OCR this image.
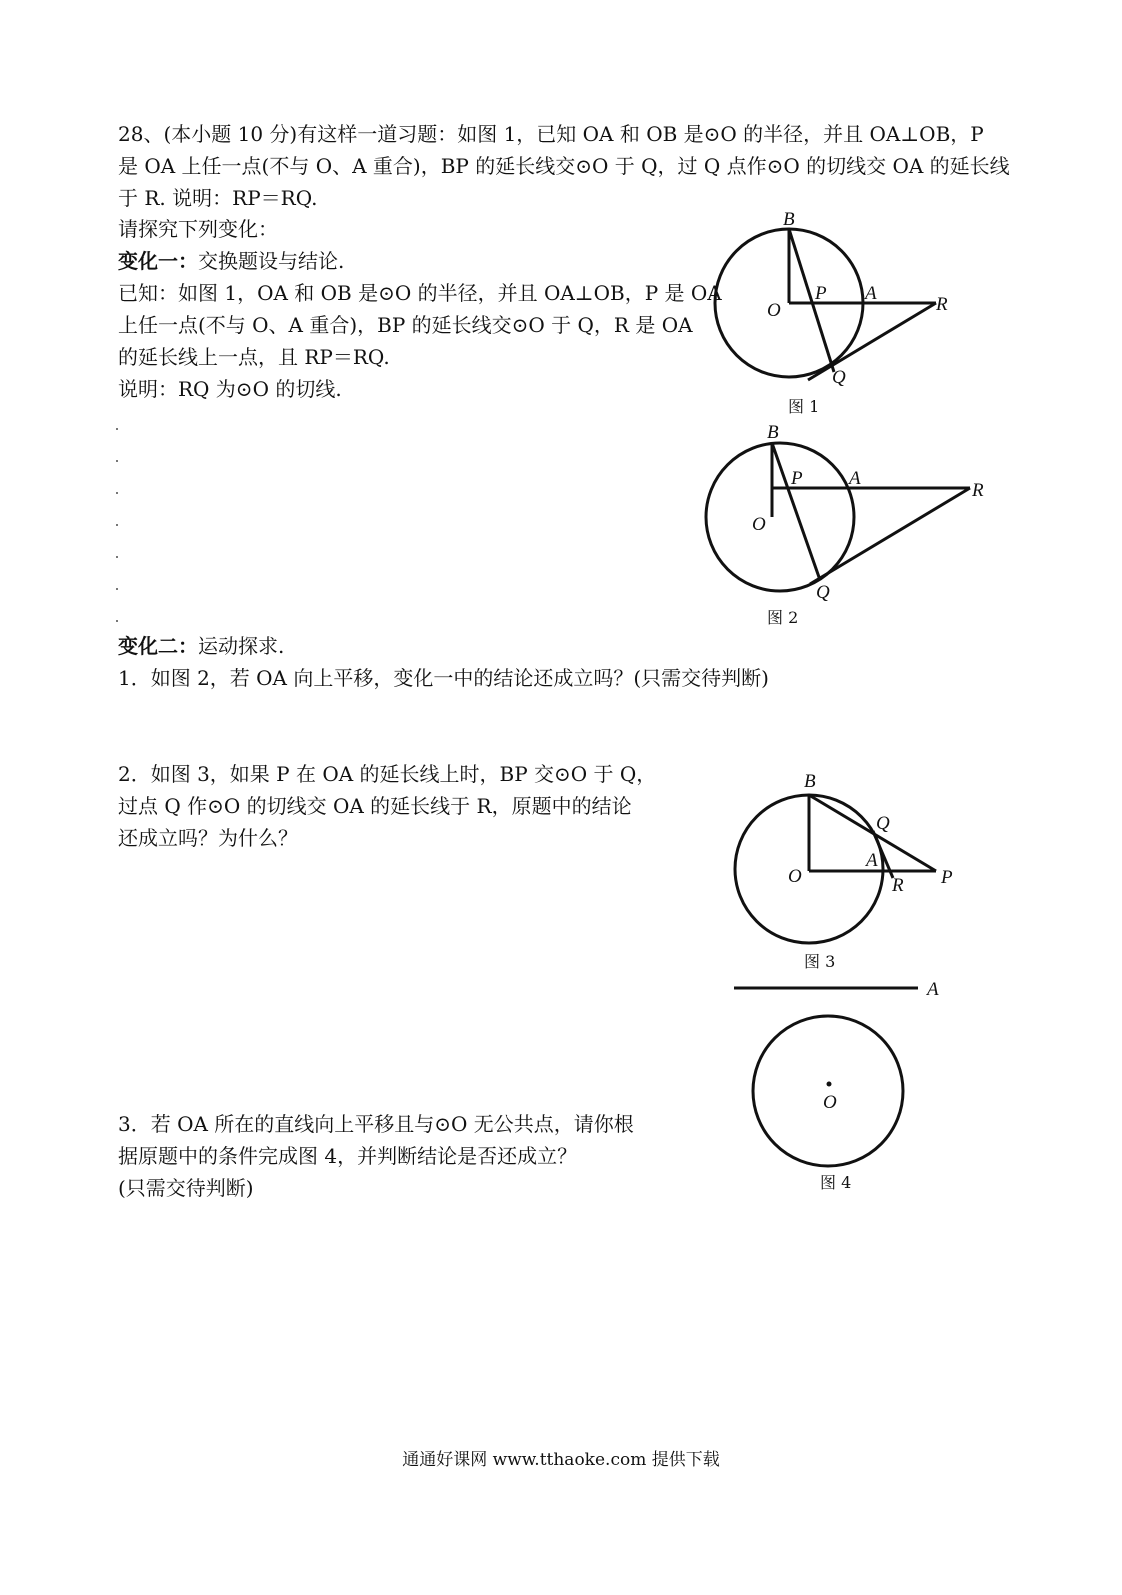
28、(本小题 10 分)有这样一道习题：如图 1，已知 OA 和 OB 是⊙O 的半径，并且 OA⊥OB，P
是 OA 上任一点(不与 O、A 重合)，BP 的延长线交⊙O 于 Q，过 Q 点作⊙O 的切线交 OA 的延长线
于 R. 说明：RP＝RQ.
请探究下列变化：
变化一：交换题设与结论.
已知：如图 1，OA 和 OB 是⊙O 的半径，并且 OA⊥OB，P 是 OA
上任一点(不与 O、A 重合)，BP 的延长线交⊙O 于 Q，R 是 OA
的延长线上一点，且 RP＝RQ.
说明：RQ 为⊙O 的切线.
变化二：运动探求.
1．如图 2，若 OA 向上平移，变化一中的结论还成立吗？(只需交待判断)
2．如图 3，如果 P 在 OA 的延长线上时，BP 交⊙O 于 Q，
过点 Q 作⊙O 的切线交 OA 的延长线于 R，原题中的结论
还成立吗？为什么？
3．若 OA 所在的直线向上平移且与⊙O 无公共点，请你根
据原题中的条件完成图 4，并判断结论是否还成立？
(只需交待判断)
B
O
P A
R
Q
图 1
B
O
P A
R
Q
图 2
B
O
Q
A
R P
图 3
A
O
图 4
通通好课网 www.tthaoke.com 提供下载
